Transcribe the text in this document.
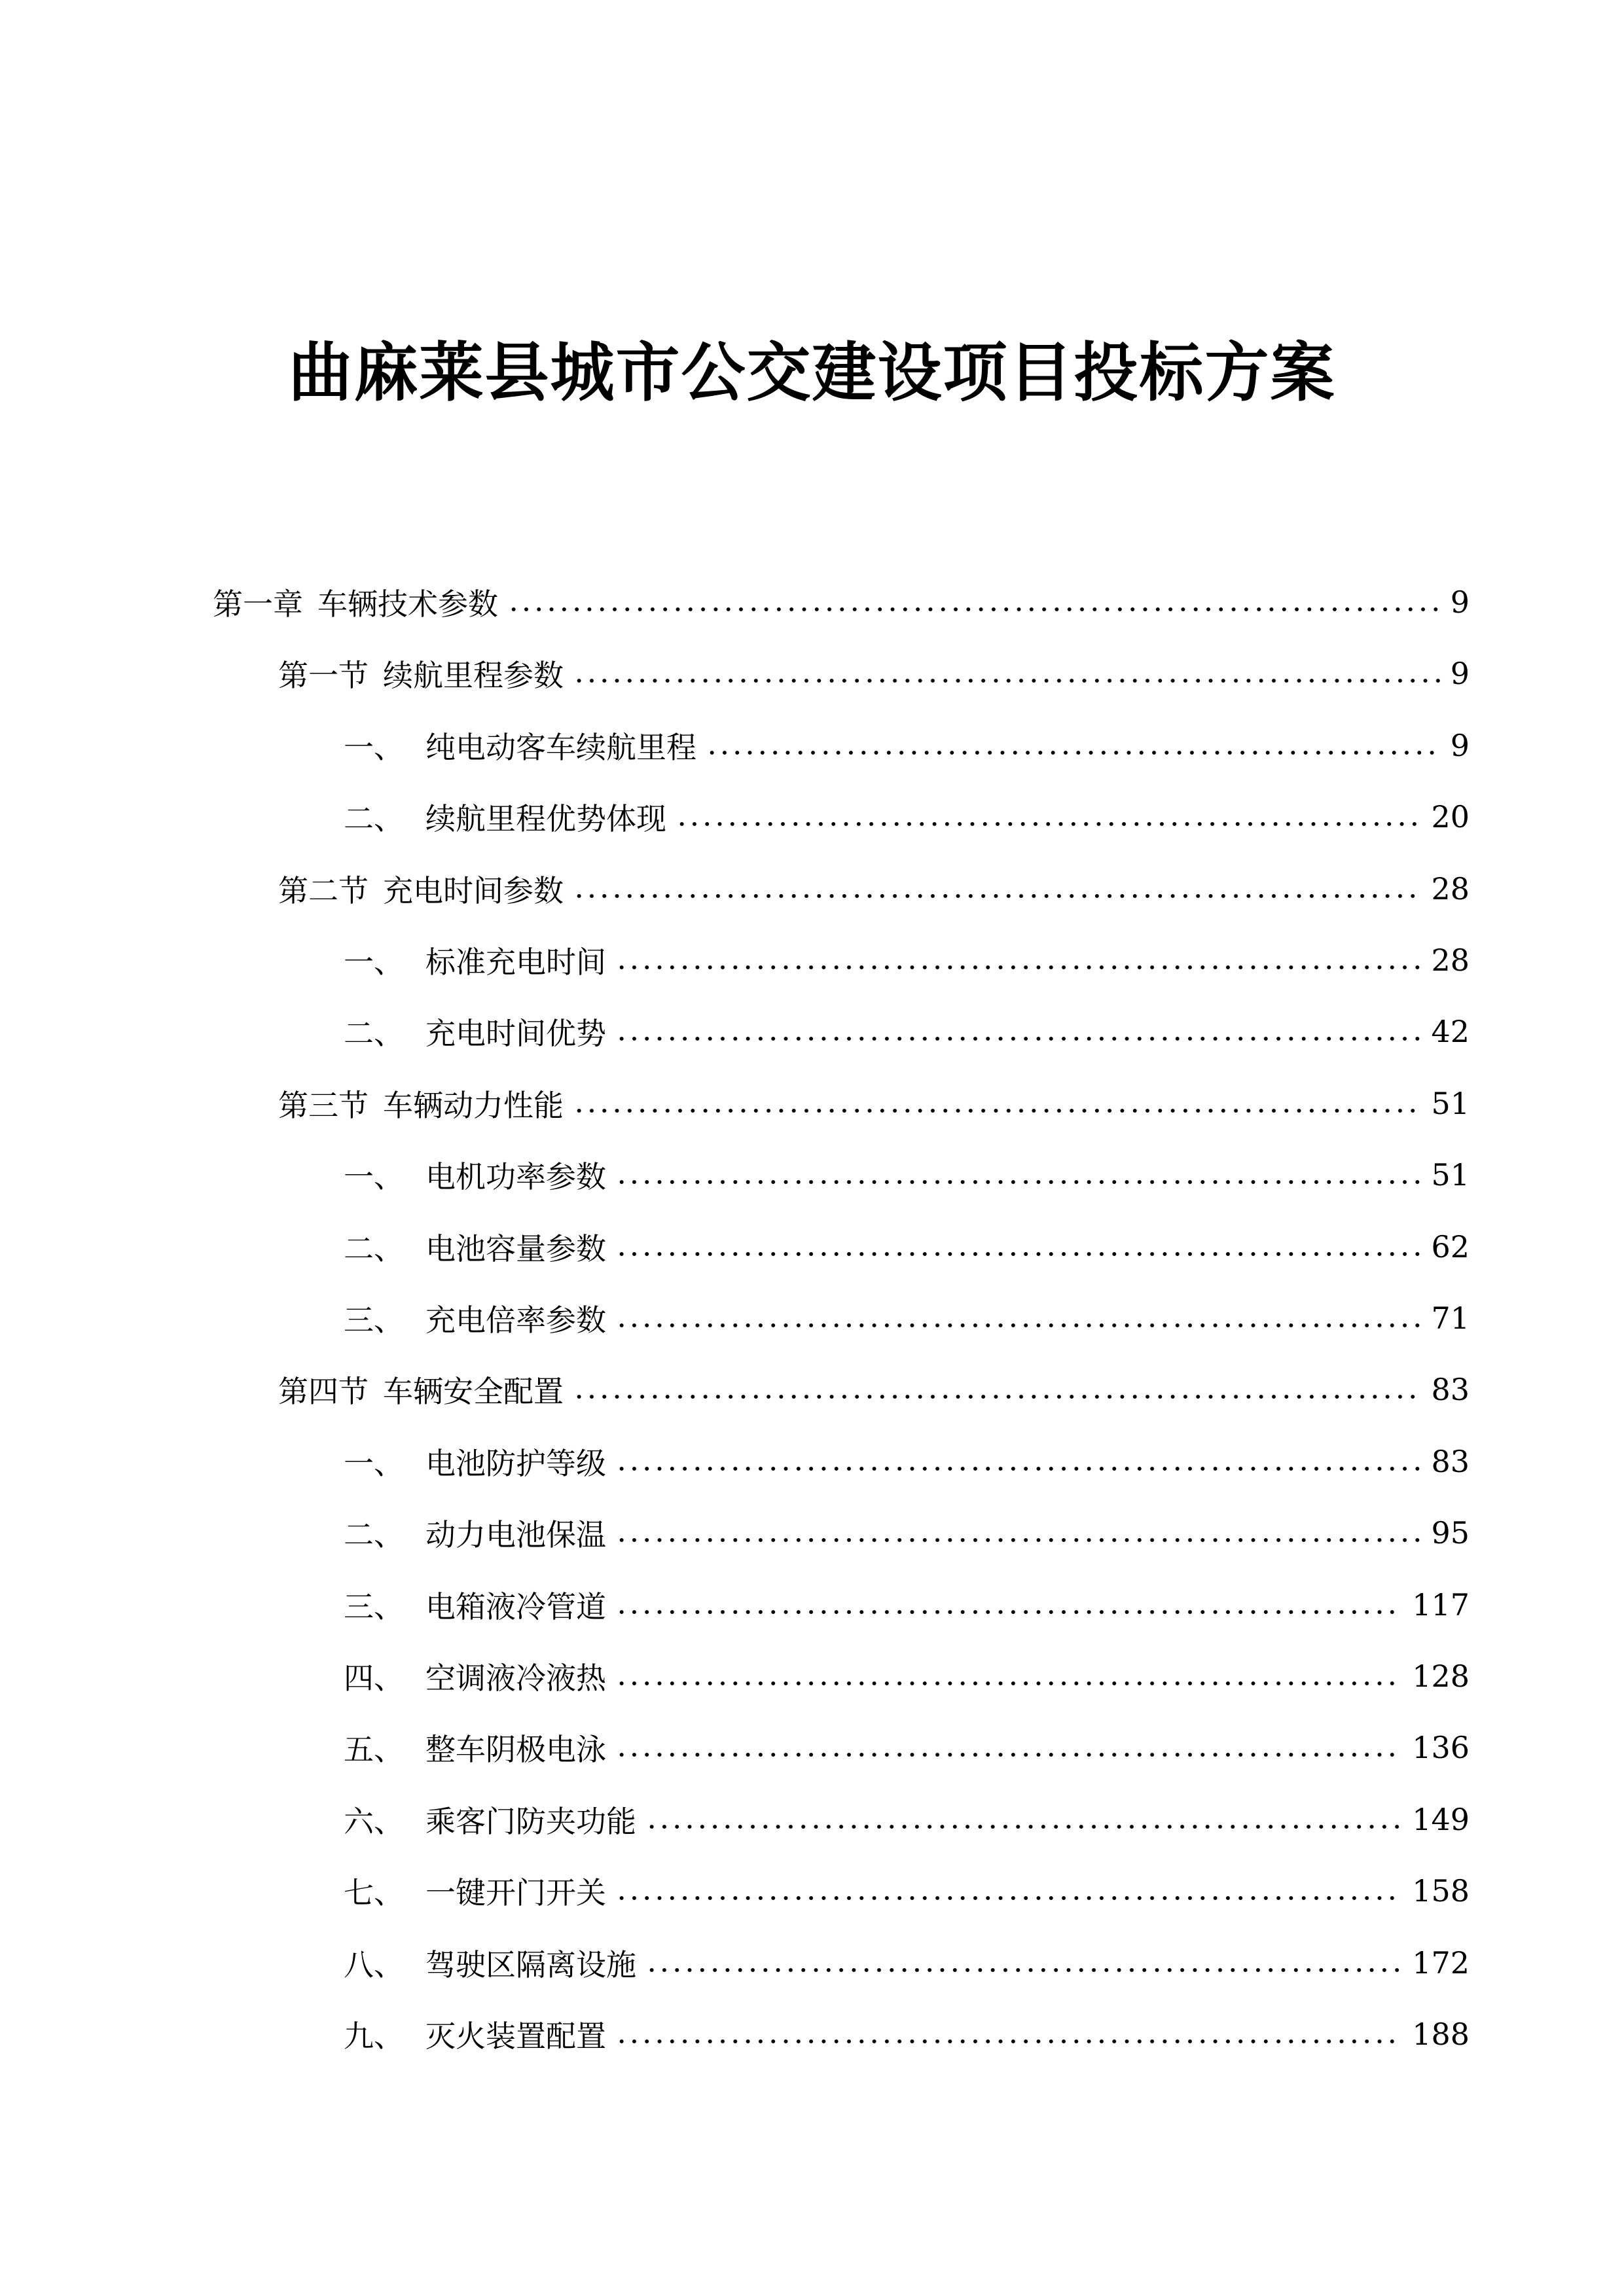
曲麻莱县城市公交建设项目投标方案
第一章 车辆技术参数	9
第一节 续航里程参数	9
一、 纯电动客车续航里程	9
二、 续航里程优势体现	20
第二节 充电时间参数	28
一、 标准充电时间	28
二、 充电时间优势	42
第三节 车辆动力性能	51
一、 电机功率参数	51
二、 电池容量参数	62
三、 充电倍率参数	71
第四节 车辆安全配置	83
一、 电池防护等级	83
二、 动力电池保温	95
三、 电箱液冷管道	117
四、 空调液冷液热	128
五、 整车阴极电泳	136
六、 乘客门防夹功能	149
七、 一键开门开关	158
八、 驾驶区隔离设施	172
九、 灭火装置配置	188
